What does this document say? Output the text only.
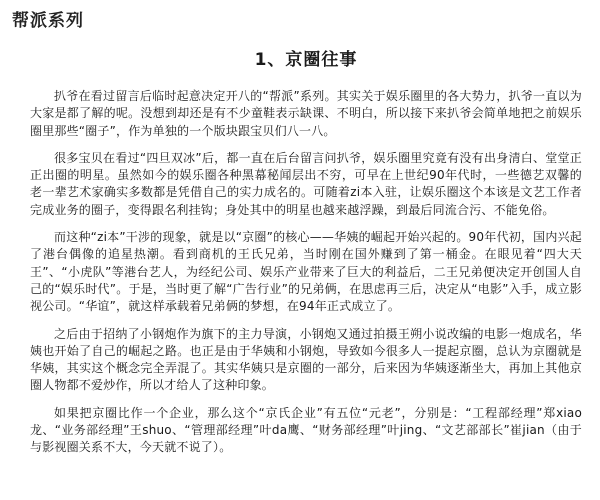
帮派系列
1、京圈往事

扒爷在看过留言后临时起意决定开八的“帮派”系列。其实关于娱乐圈里的各大势力，扒爷一直以为大家是都了解的呢。没想到却还是有不少童鞋表示缺课、不明白，所以接下来扒爷会简单地把之前娱乐圈里那些“圈子”，作为单独的一个版块跟宝贝们八一八。

很多宝贝在看过“四旦双冰”后，都一直在后台留言问扒爷，娱乐圈里究竟有没有出身清白、堂堂正正出圈的明星。虽然如今的娱乐圈各种黑幕秘闻层出不穷，可早在上世纪90年代时，一些德艺双馨的老一辈艺术家确实多数都是凭借自己的实力成名的。可随着zi本入驻，让娱乐圈这个本该是文艺工作者完成业务的圈子，变得跟名利挂钩；身处其中的明星也越来越浮躁，到最后同流合污、不能免俗。

而这种“zi本”干涉的现象，就是以“京圈”的核心——华姨的崛起开始兴起的。90年代初，国内兴起了港台偶像的追星热潮。看到商机的王氏兄弟，当时刚在国外赚到了第一桶金。在眼见着“四大天王”、“小虎队”等港台艺人，为经纪公司、娱乐产业带来了巨大的利益后，二王兄弟便决定开创国人自己的“娱乐时代”。于是，当时更了解“广告行业”的兄弟俩，在思虑再三后，决定从“电影”入手，成立影视公司。“华谊”，就这样承载着兄弟俩的梦想，在94年正式成立了。

之后由于招纳了小钢炮作为旗下的主力导演，小钢炮又通过拍摄王朔小说改编的电影一炮成名，华姨也开始了自己的崛起之路。也正是由于华姨和小钢炮，导致如今很多人一提起京圈，总认为京圈就是华姨，其实这个概念完全弄混了。其实华姨只是京圈的一部分，后来因为华姨逐渐坐大，再加上其他京圈人物都不爱炒作，所以才给人了这种印象。

如果把京圈比作一个企业，那么这个“京氏企业”有五位“元老”，分别是：“工程部经理”郑xiao龙、“业务部经理”王shuo、“管理部经理”叶da鹰、“财务部经理”叶jing、“文艺部部长”崔jian（由于与影视圈关系不大，今天就不说了）。
